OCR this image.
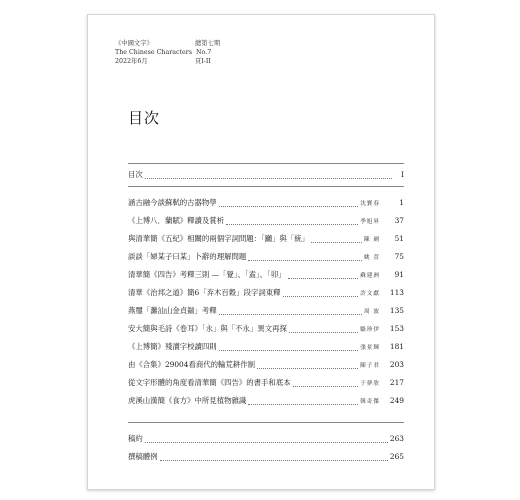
《中國文字》	總第七期
The Chinese Characters No.7
2022年6月	頁I-II
目次
目次	I
涵古融今談蘇軾的古器物學	沈寶春	1
《上博八．蘭賦》釋讀及賞析	季旭昇	37
與清華簡《五紀》相關的兩個字詞問題：「躪」與「統」	陳 劍	51
談談「婦某子曰某」卜辭的理解問題	姚 萱	75
清華簡《四告》考釋三則 —「覺」、「盍」、「卯」	蘇建洲	91
清華《治邦之道》簡6「弃木百穀」段字詞東釋	許文獻	113
燕璽「灘汕山金貞鍴」考釋	周 波	135
安大簡與毛詩《卷耳》「永」與「不永」異文再探	駱珍伊	153
《上博簡》殘瀆字校讀四則	張景輝	181
由《合集》29004看商代的輪荒耕作制	陳子君	203
從文字形體的角度看清華簡《四告》的書手和底本	于夢欣	217
虎溪山漢簡《食方》中所見植物雜識	韓奇傑	249
稿約	263
撰稿體例	265
